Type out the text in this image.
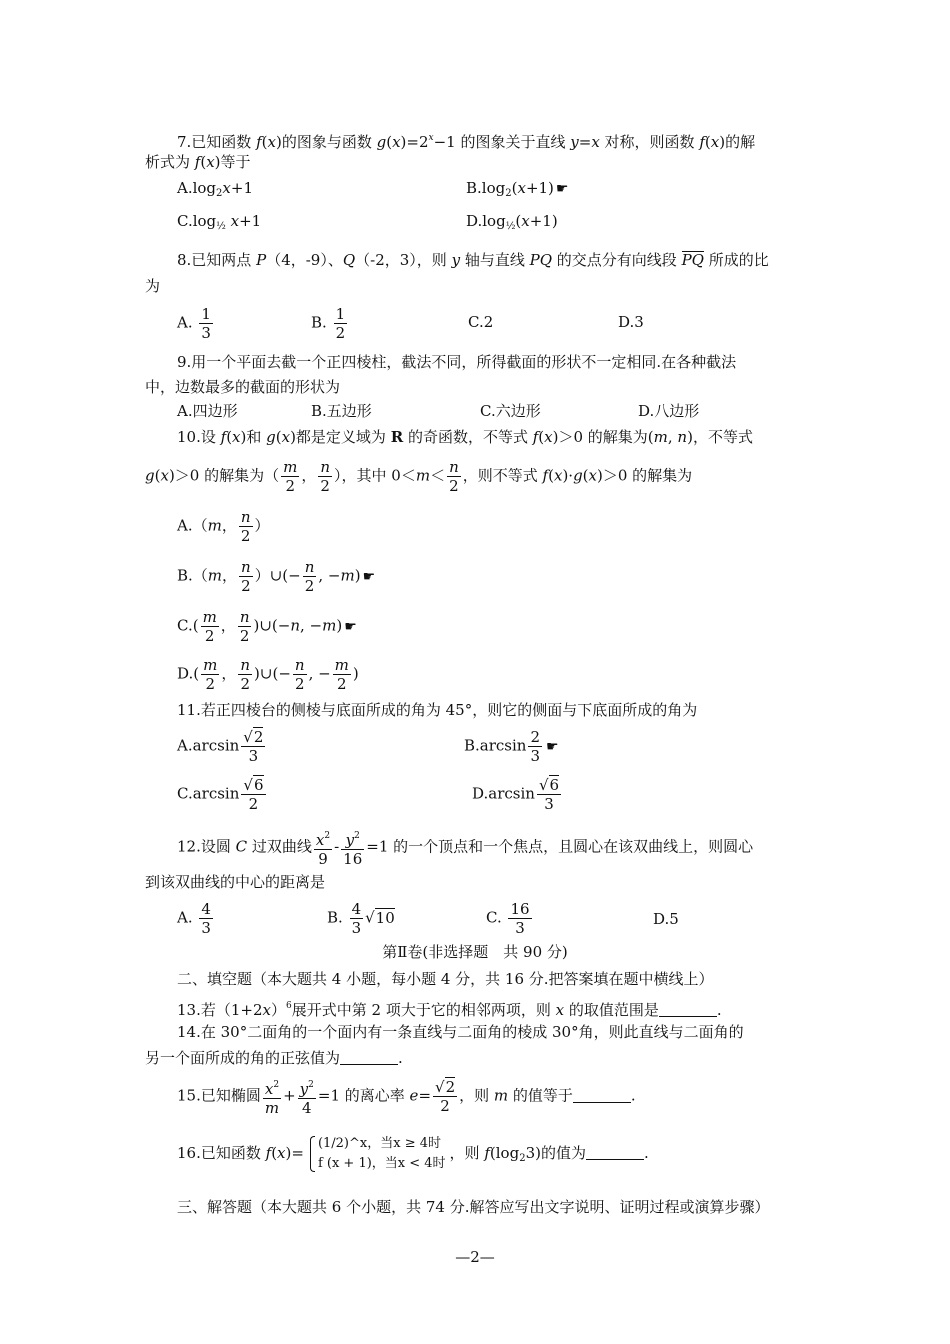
7.已知函数 f(x)的图象与函数 $g(x)=2^x-1$ 的图象关于直线 y=x 对称，则函数 f(x)的解
析式为 f(x)等于
$A.\log_2x+1$	$B.\log_2(x+1)$ ☛
$C.\log_{\frac{1}{2}}$ x+1	$D.\log_{\frac{1}{2}}(x+1)$
8.已知两点 P（4，-9）、Q（-2，3），则 y 轴与直线 PQ 的交点分有向线段 PQ 所成的比
为
A. $\frac{1}{3}$	B. $\frac{1}{2}$	C.2	D.3
9.用一个平面去截一个正四棱柱，截法不同，所得截面的形状不一定相同.在各种截法
中，边数最多的截面的形状为
A.四边形	B.五边形	C.六边形	D.八边形
10.设 f(x)和 g(x)都是定义域为 R 的奇函数，不等式 f(x)＞0 的解集为(m, n)，不等式
g(x)＞0 的解集为（ $\frac{m}{2}$ ， $\frac{n}{2}$ ），其中 $0<m< \frac{n}{2}$ ，则不等式 f(x)·g(x)＞0 的解集为
A.（m， $\frac{n}{2}$ ）
B.（m， $\frac{n}{2}$ ）∪(− $\frac{n}{2}$ , −m) ☛
$C.( \frac{m}{2}$ ， $\frac{n}{2}$ )∪(−n, −m) ☛
$D.( \frac{m}{2}$ ， $\frac{n}{2}$ )∪(− $\frac{n}{2}$ , − $\frac{m}{2}$ )
11.若正四棱台的侧棱与底面所成的角为 45°，则它的侧面与下底面所成的角为
$A.\arcsin \frac{√2}{3}$	$B.\arcsin \frac{2}{3}$ ☛
$C.\arcsin \frac{√6}{2}$	$D.\arcsin \frac{√6}{3}$
12.设圆 C 过双曲线 $\frac{x^2}{9} - \frac{y^2}{16} =1$ 的一个顶点和一个焦点，且圆心在该双曲线上，则圆心
到该双曲线的中心的距离是
A. $\frac{4}{3}$	B. $\frac{4}{3} √10$	C. $\frac{16}{3}$	D.5
第Ⅱ卷(非选择题　共 90 分)
二、填空题（本大题共 4 小题，每小题 4 分，共 16 分.把答案填在题中横线上）
13.若$(1+2x)^6$展开式中第 2 项大于它的相邻两项，则 x 的取值范围是	.
14.在 30°二面角的一个面内有一条直线与二面角的棱成 30°角，则此直线与二面角的
另一个面所成的角的正弦值为	.
15.已知椭圆 $\frac{x^2}{m} + \frac{y^2}{4} =1$ 的离心率 $e= \frac{√2}{2}$ ，则 m 的值等于	.
16.已知函数 f(x)=
(1/2)^x，当x ≥ 4时
f (x + 1)，当x < 4时
，则 $f(\log_23)$的值为	.
三、解答题（本大题共 6 个小题，共 74 分.解答应写出文字说明、证明过程或演算步骤）
—2—
